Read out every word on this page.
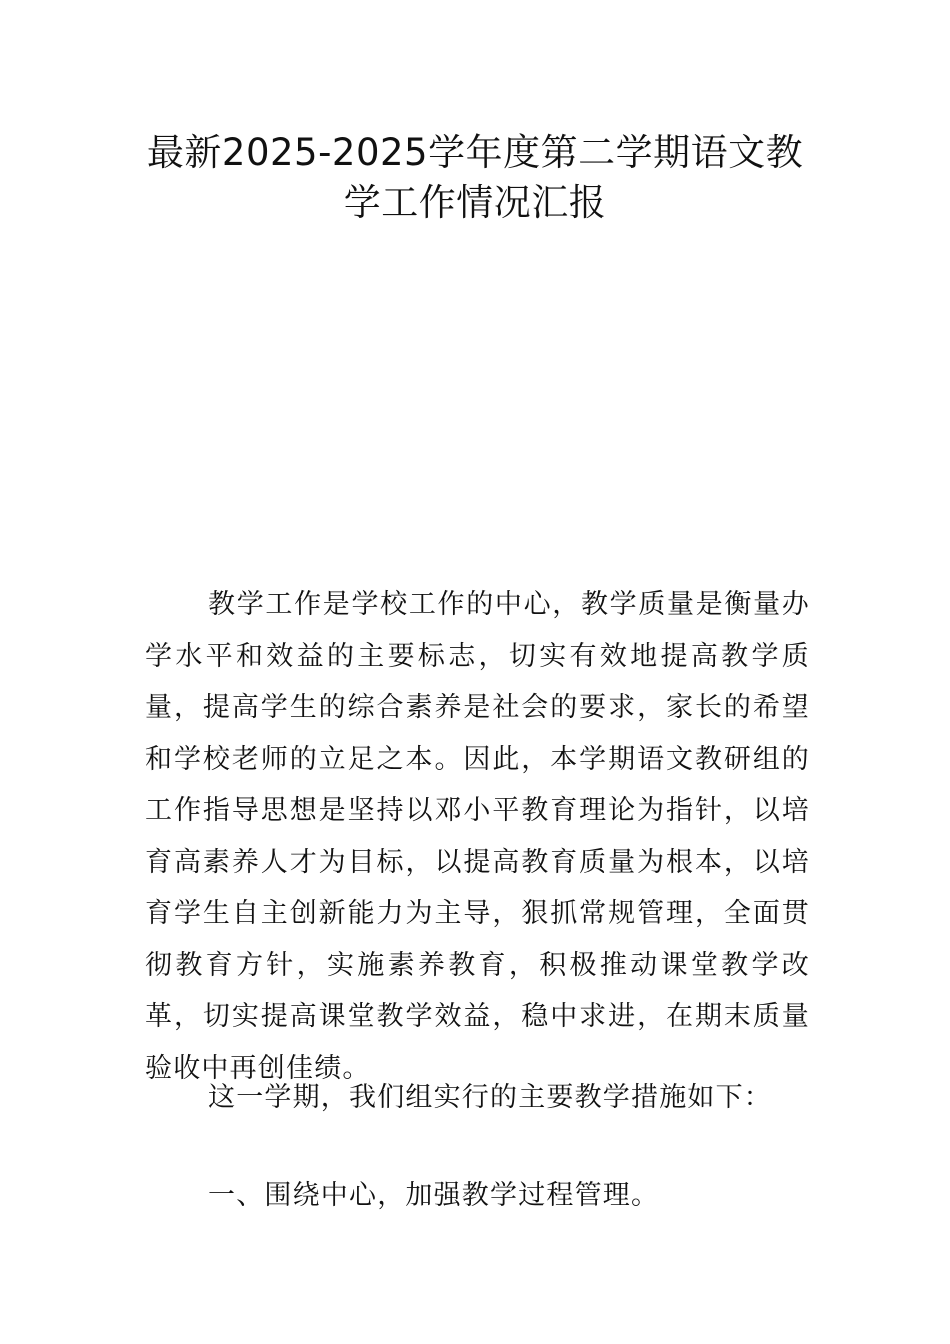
最新2025-2025学年度第二学期语文教
学工作情况汇报

教学工作是学校工作的中心，教学质量是衡量办学水平和效益的主要标志，切实有效地提高教学质量，提高学生的综合素养是社会的要求，家长的希望和学校老师的立足之本。因此，本学期语文教研组的工作指导思想是坚持以邓小平教育理论为指针，以培育高素养人才为目标，以提高教育质量为根本，以培育学生自主创新能力为主导，狠抓常规管理，全面贯彻教育方针，实施素养教育，积极推动课堂教学改革，切实提高课堂教学效益，稳中求进，在期末质量验收中再创佳绩。

这一学期，我们组实行的主要教学措施如下：

一、围绕中心，加强教学过程管理。
